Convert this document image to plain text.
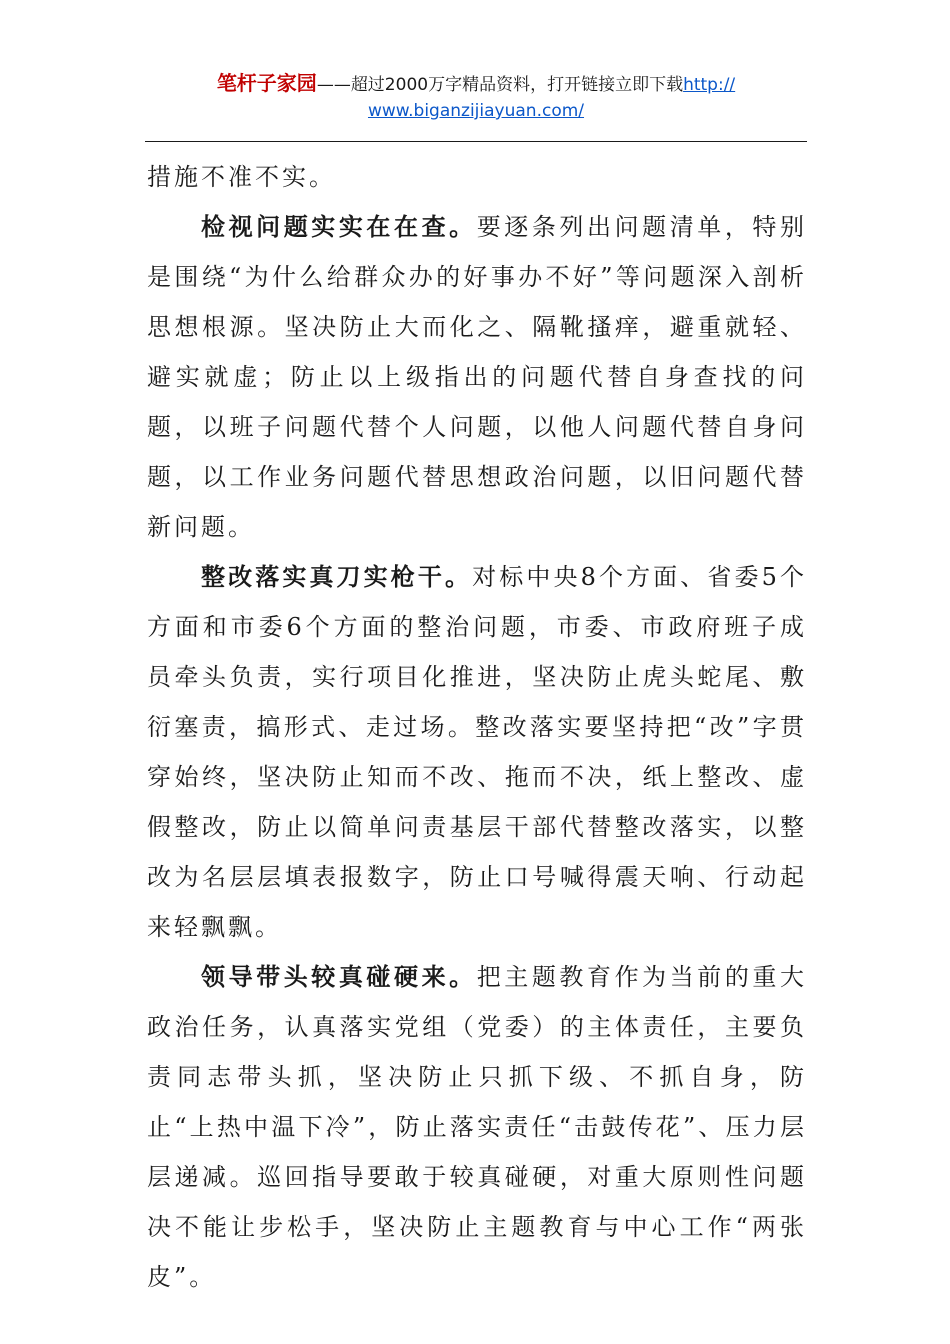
笔杆子家园——超过2000万字精品资料，打开链接立即下载http://
www.biganzijiayuan.com/

措施不准不实。

检视问题实实在在查。要逐条列出问题清单，特别是围绕“为什么给群众办的好事办不好”等问题深入剖析思想根源。坚决防止大而化之、隔靴搔痒，避重就轻、避实就虚；防止以上级指出的问题代替自身查找的问题，以班子问题代替个人问题，以他人问题代替自身问题，以工作业务问题代替思想政治问题，以旧问题代替新问题。

整改落实真刀实枪干。对标中央8个方面、省委5个方面和市委6个方面的整治问题，市委、市政府班子成员牵头负责，实行项目化推进，坚决防止虎头蛇尾、敷衍塞责，搞形式、走过场。整改落实要坚持把“改”字贯穿始终，坚决防止知而不改、拖而不决，纸上整改、虚假整改，防止以简单问责基层干部代替整改落实，以整改为名层层填表报数字，防止口号喊得震天响、行动起来轻飘飘。

领导带头较真碰硬来。把主题教育作为当前的重大政治任务，认真落实党组（党委）的主体责任，主要负责同志带头抓，坚决防止只抓下级、不抓自身，防止“上热中温下冷”，防止落实责任“击鼓传花”、压力层层递减。巡回指导要敢于较真碰硬，对重大原则性问题决不能让步松手，坚决防止主题教育与中心工作“两张皮”。
